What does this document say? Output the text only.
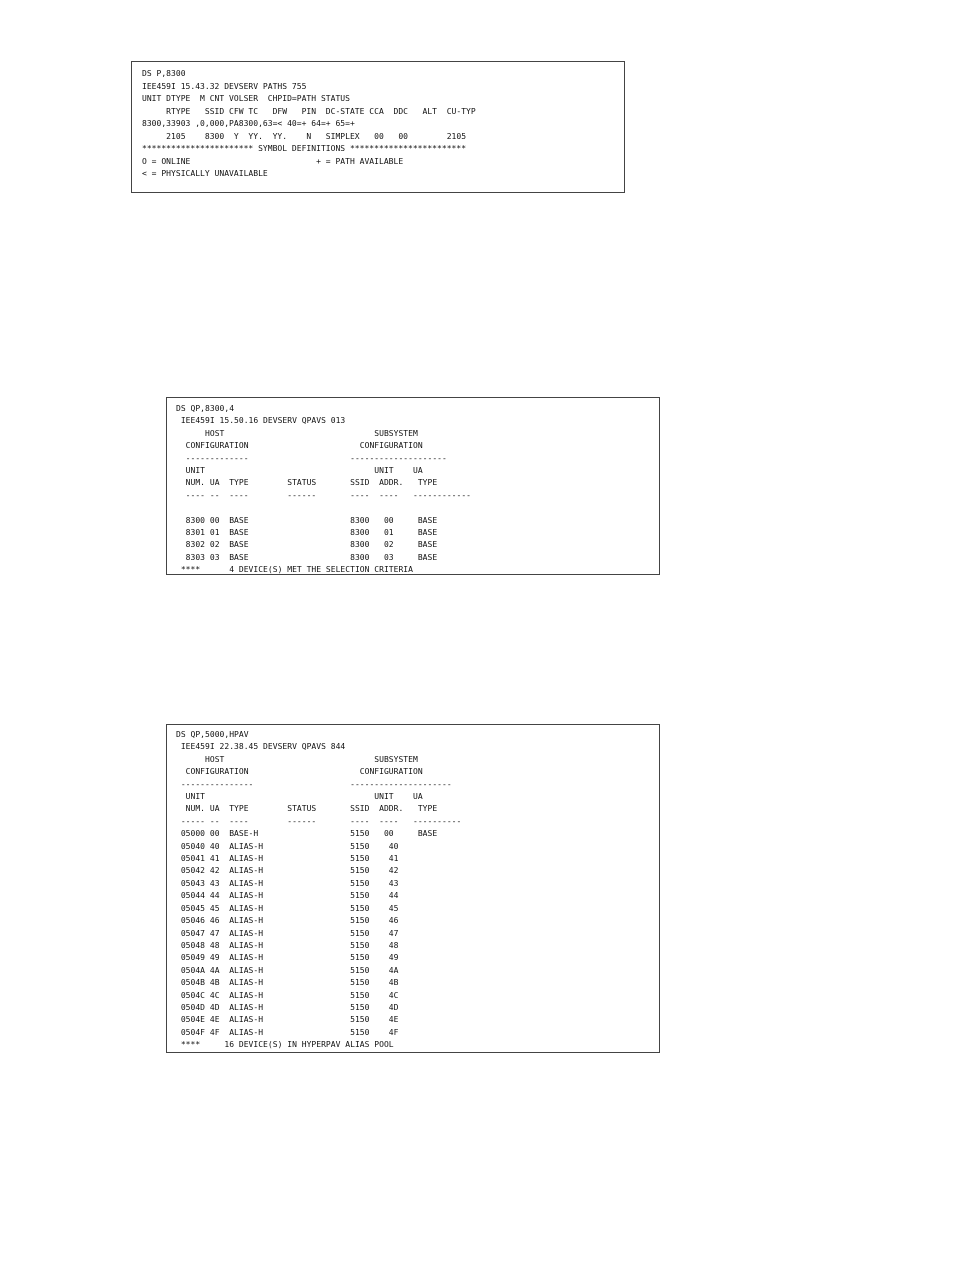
DS P,8300
IEE459I 15.43.32 DEVSERV PATHS 755
UNIT DTYPE  M CNT VOLSER  CHPID=PATH STATUS
RTYPE   SSID CFW TC   DFW   PIN  DC-STATE CCA  DDC   ALT  CU-TYP
8300,33903 ,0,000,PA8300,63=< 40=+ 64=+ 65=+
2105    8300  Y  YY.  YY.    N   SIMPLEX   00   00        2105
*********************** SYMBOL DEFINITIONS ************************
O = ONLINE                          + = PATH AVAILABLE
< = PHYSICALLY UNAVAILABLE
DS QP,8300,4
IEE459I 15.50.16 DEVSERV QPAVS 013
HOST                               SUBSYSTEM
CONFIGURATION                       CONFIGURATION
-------------                     --------------------
UNIT                                   UNIT    UA
NUM. UA  TYPE        STATUS       SSID  ADDR.   TYPE
---- --  ----        ------       ----  ----   ------------

8300 00  BASE                     8300   00     BASE
8301 01  BASE                     8300   01     BASE
8302 02  BASE                     8300   02     BASE
8303 03  BASE                     8300   03     BASE
****      4 DEVICE(S) MET THE SELECTION CRITERIA
DS QP,5000,HPAV
IEE459I 22.38.45 DEVSERV QPAVS 844
HOST                               SUBSYSTEM
CONFIGURATION                       CONFIGURATION
---------------                    ---------------------
UNIT                                   UNIT    UA
NUM. UA  TYPE        STATUS       SSID  ADDR.   TYPE
----- --  ----        ------       ----  ----   ----------
05000 00  BASE-H                   5150   00     BASE
05040 40  ALIAS-H                  5150    40
05041 41  ALIAS-H                  5150    41
05042 42  ALIAS-H                  5150    42
05043 43  ALIAS-H                  5150    43
05044 44  ALIAS-H                  5150    44
05045 45  ALIAS-H                  5150    45
05046 46  ALIAS-H                  5150    46
05047 47  ALIAS-H                  5150    47
05048 48  ALIAS-H                  5150    48
05049 49  ALIAS-H                  5150    49
0504A 4A  ALIAS-H                  5150    4A
0504B 4B  ALIAS-H                  5150    4B
0504C 4C  ALIAS-H                  5150    4C
0504D 4D  ALIAS-H                  5150    4D
0504E 4E  ALIAS-H                  5150    4E
0504F 4F  ALIAS-H                  5150    4F
****     16 DEVICE(S) IN HYPERPAV ALIAS POOL
